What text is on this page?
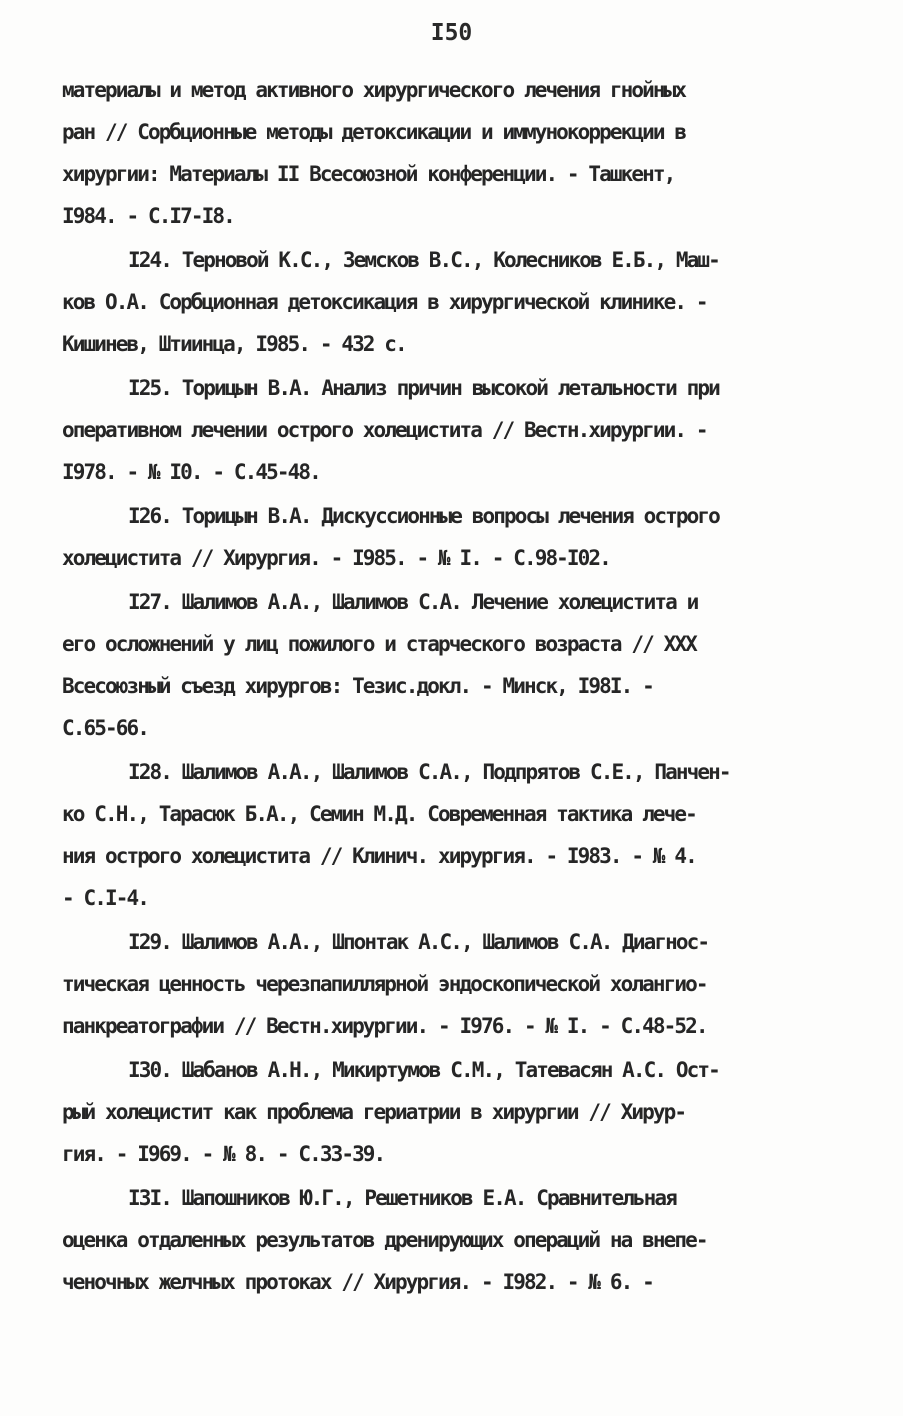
I50
материалы и метод активного хирургического лечения гнойных
ран // Сорбционные методы детоксикации и иммунокоррекции в
хирургии: Материалы II Всесоюзной конференции. - Ташкент,
I984. - С.I7-I8.
I24. Терновой К.С., Земсков В.С., Колесников Е.Б., Маш-
ков О.А. Сорбционная детоксикация в хирургической клинике. -
Кишинев, Штиинца, I985. - 432 с.
I25. Торицын В.А. Анализ причин высокой летальности при
оперативном лечении острого холецистита // Вестн.хирургии. -
I978. - № I0. - С.45-48.
I26. Торицын В.А. Дискуссионные вопросы лечения острого
холецистита // Хирургия. - I985. - № I. - С.98-I02.
I27. Шалимов А.А., Шалимов С.А. Лечение холецистита и
его осложнений у лиц пожилого и старческого возраста // XXX
Всесоюзный съезд хирургов: Тезис.докл. - Минск, I98I. -
С.65-66.
I28. Шалимов А.А., Шалимов С.А., Подпрятов С.Е., Панчен-
ко С.Н., Тарасюк Б.А., Семин М.Д. Современная тактика лече-
ния острого холецистита // Клинич. хирургия. - I983. - № 4.
- С.I-4.
I29. Шалимов А.А., Шпонтак А.С., Шалимов С.А. Диагнос-
тическая ценность черезпапиллярной эндоскопической холангио-
панкреатографии // Вестн.хирургии. - I976. - № I. - С.48-52.
I30. Шабанов А.Н., Микиртумов С.М., Татевасян А.С. Ост-
рый холецистит как проблема гериатрии в хирургии // Хирур-
гия. - I969. - № 8. - С.33-39.
I3I. Шапошников Ю.Г., Решетников Е.А. Сравнительная
оценка отдаленных результатов дренирующих операций на внепе-
ченочных желчных протоках // Хирургия. - I982. - № 6. -
